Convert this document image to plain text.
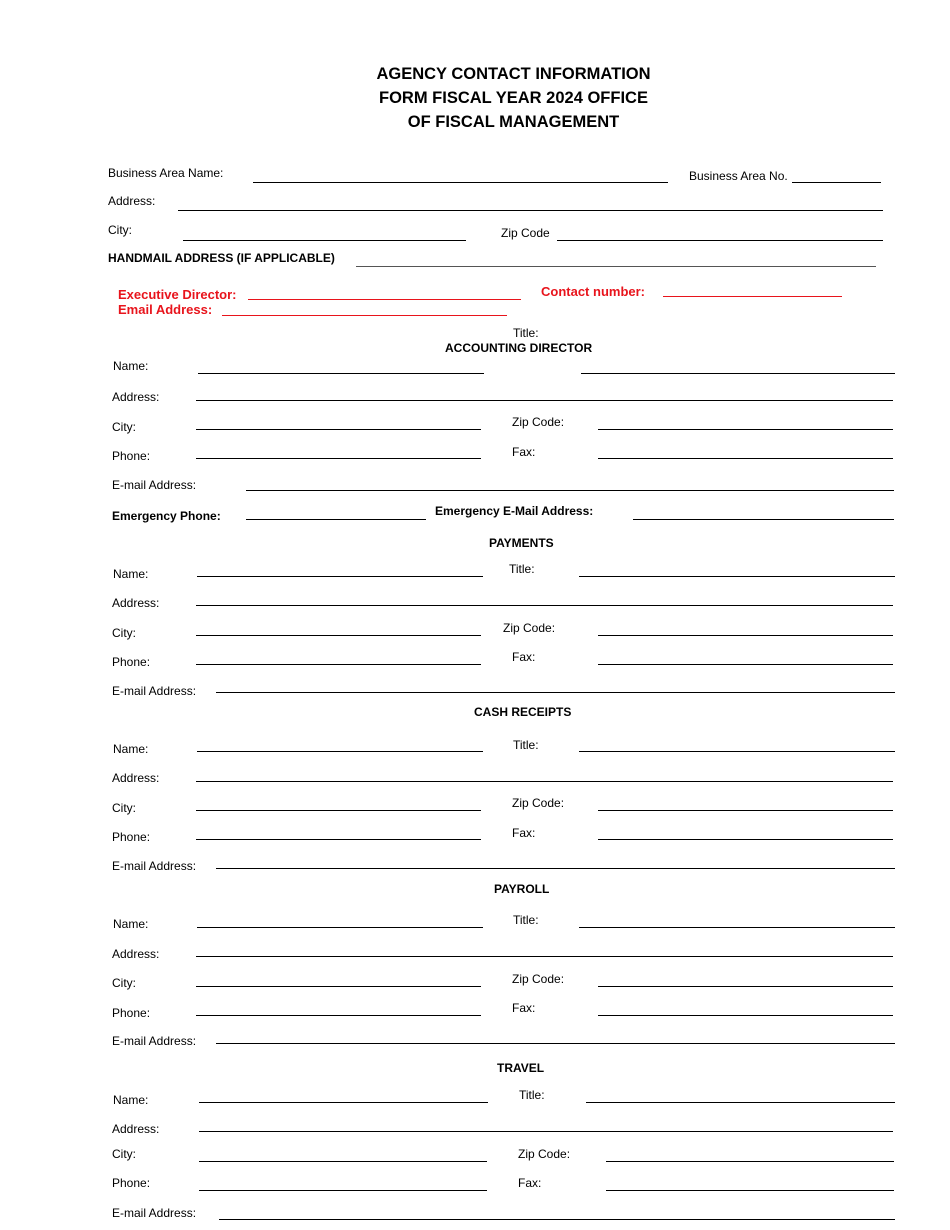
AGENCY CONTACT INFORMATION
FORM FISCAL YEAR 2024 OFFICE
OF FISCAL MANAGEMENT
Business Area Name:	Business Area No.
Address:
City:	Zip Code
HANDMAIL ADDRESS (IF APPLICABLE)
Executive Director:	Contact number:
Email Address:
Title:
ACCOUNTING DIRECTOR
Name:
Address:
City:	Zip Code:
Phone:	Fax:
E-mail Address:
Emergency Phone:	Emergency E-Mail Address:
PAYMENTS
Name:	Title:
Address:
City:	Zip Code:
Phone:	Fax:
E-mail Address:
CASH RECEIPTS
Name:	Title:
Address:
City:	Zip Code:
Phone:	Fax:
E-mail Address:
PAYROLL
Name:	Title:
Address:
City:	Zip Code:
Phone:	Fax:
E-mail Address:
TRAVEL
Name:	Title:
Address:
City:	Zip Code:
Phone:	Fax:
E-mail Address:
